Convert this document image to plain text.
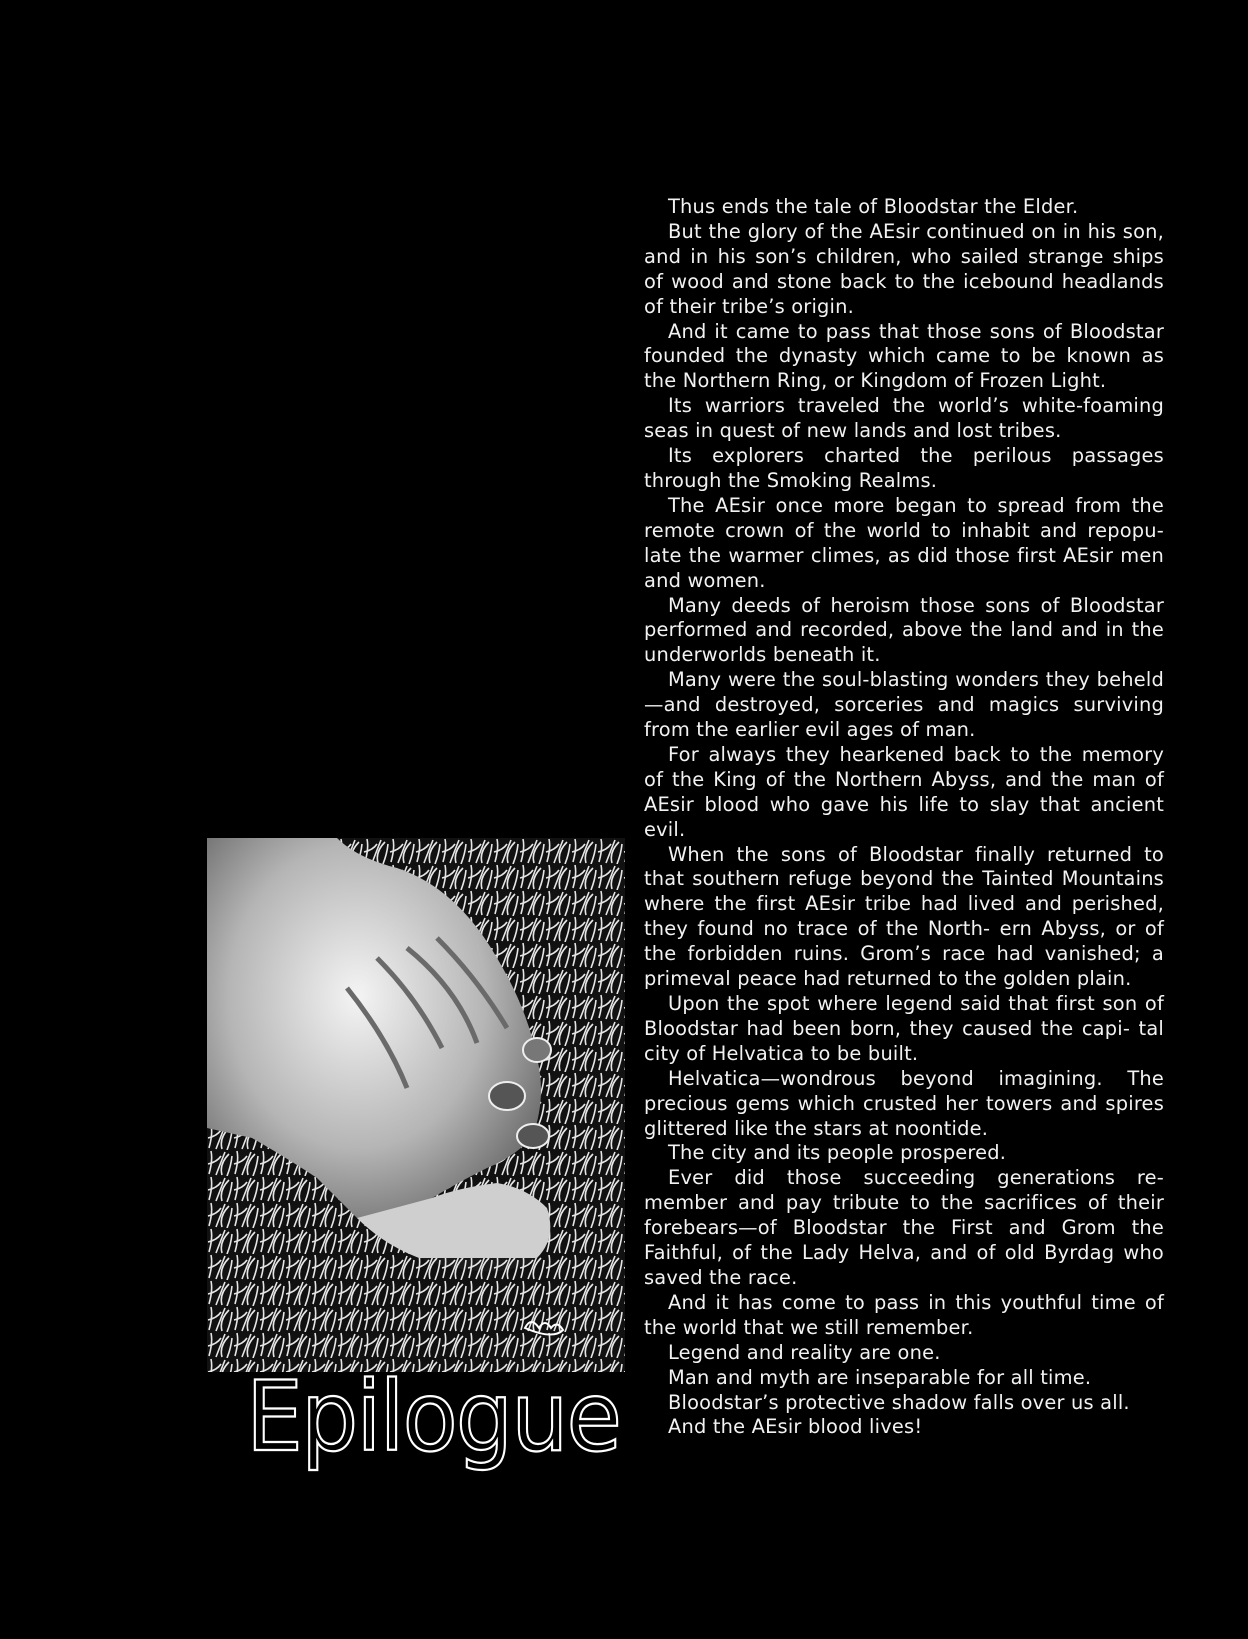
Epilogue

Thus ends the tale of Bloodstar the Elder.

But the glory of the AEsir continued on in his son, and in his son’s children, who sailed strange ships of wood and stone back to the icebound headlands of their tribe’s origin.

And it came to pass that those sons of Bloodstar founded the dynasty which came to be known as the Northern Ring, or Kingdom of Frozen Light.

Its warriors traveled the world’s white-foaming seas in quest of new lands and lost tribes.

Its explorers charted the perilous passages through the Smoking Realms.

The AEsir once more began to spread from the remote crown of the world to inhabit and repopu- late the warmer climes, as did those first AEsir men and women.

Many deeds of heroism those sons of Bloodstar performed and recorded, above the land and in the underworlds beneath it.

Many were the soul-blasting wonders they beheld—and destroyed, sorceries and magics surviving from the earlier evil ages of man.

For always they hearkened back to the memory of the King of the Northern Abyss, and the man of AEsir blood who gave his life to slay that ancient evil.

When the sons of Bloodstar finally returned to that southern refuge beyond the Tainted Mountains where the first AEsir tribe had lived and perished, they found no trace of the North- ern Abyss, or of the forbidden ruins. Grom’s race had vanished; a primeval peace had returned to the golden plain.

Upon the spot where legend said that first son of Bloodstar had been born, they caused the capi- tal city of Helvatica to be built.

Helvatica—wondrous beyond imagining. The precious gems which crusted her towers and spires glittered like the stars at noontide.

The city and its people prospered.

Ever did those succeeding generations re- member and pay tribute to the sacrifices of their forebears—of Bloodstar the First and Grom the Faithful, of the Lady Helva, and of old Byrdag who saved the race.

And it has come to pass in this youthful time of the world that we still remember.

Legend and reality are one.

Man and myth are inseparable for all time.

Bloodstar’s protective shadow falls over us all.

And the AEsir blood lives!
